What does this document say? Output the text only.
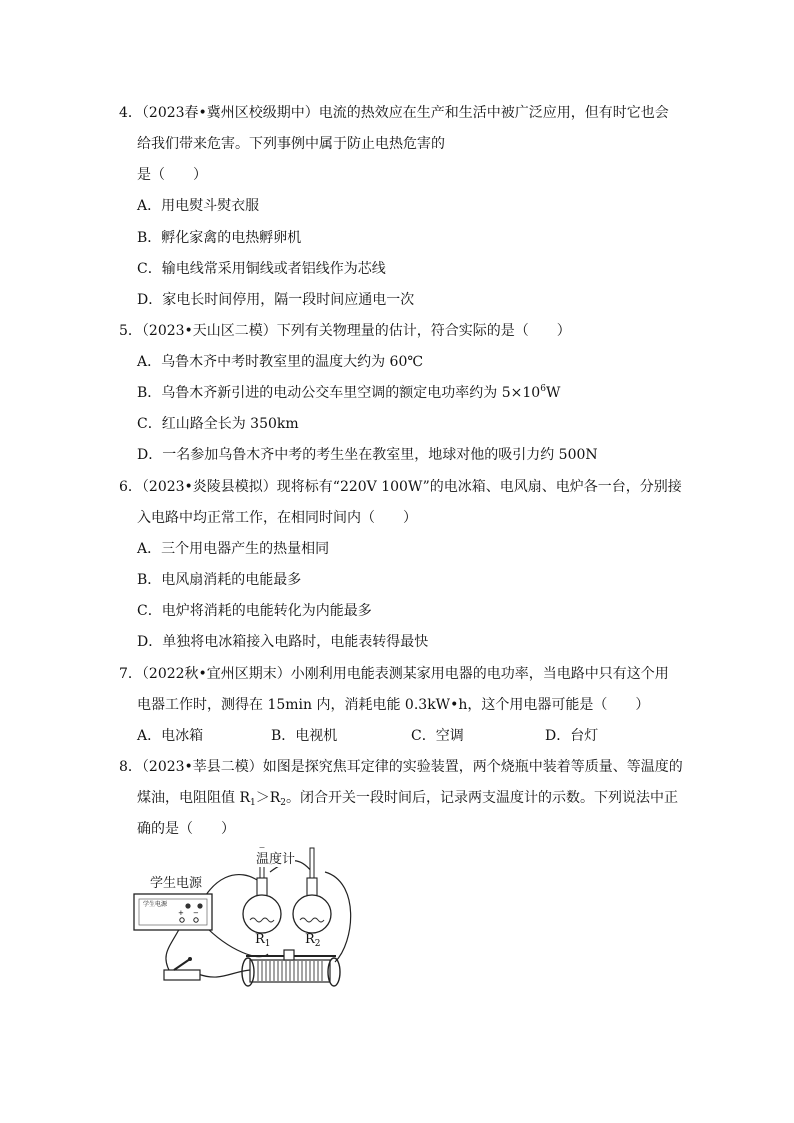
4．（2023春•冀州区校级期中）电流的热效应在生产和生活中被广泛应用，但有时它也会
给我们带来危害。下列事例中属于防止电热危害的
是（　　）
A．用电熨斗熨衣服
B．孵化家禽的电热孵卵机
C．输电线常采用铜线或者铝线作为芯线
D．家电长时间停用，隔一段时间应通电一次
5．（2023•天山区二模）下列有关物理量的估计，符合实际的是（　　）
A．乌鲁木齐中考时教室里的温度大约为 60℃
B．乌鲁木齐新引进的电动公交车里空调的额定电功率约为 $5\times 10^6W$
C．红山路全长为 350km
D．一名参加乌鲁木齐中考的考生坐在教室里，地球对他的吸引力约 500N
6．（2023•炎陵县模拟）现将标有“220V 100W”的电冰箱、电风扇、电炉各一台，分别接
入电路中均正常工作，在相同时间内（　　）
A．三个用电器产生的热量相同
B．电风扇消耗的电能最多
C．电炉将消耗的电能转化为内能最多
D．单独将电冰箱接入电路时，电能表转得最快
7．（2022秋•宜州区期末）小刚利用电能表测某家用电器的电功率，当电路中只有这个用
电器工作时，测得在 15min 内，消耗电能 0.3kW•h，这个用电器可能是（　　）
A．电冰箱	B．电视机	C．空调	D．台灯
8．（2023•莘县二模）如图是探究焦耳定律的实验装置，两个烧瓶中装着等质量、等温度的
煤油，电阻阻值 $R_1>R_2$。闭合开关一段时间后，记录两支温度计的示数。下列说法中正
确的是（　　）
+ −
学生电源
学生电源
温度计
$R_1$	$R_2$
